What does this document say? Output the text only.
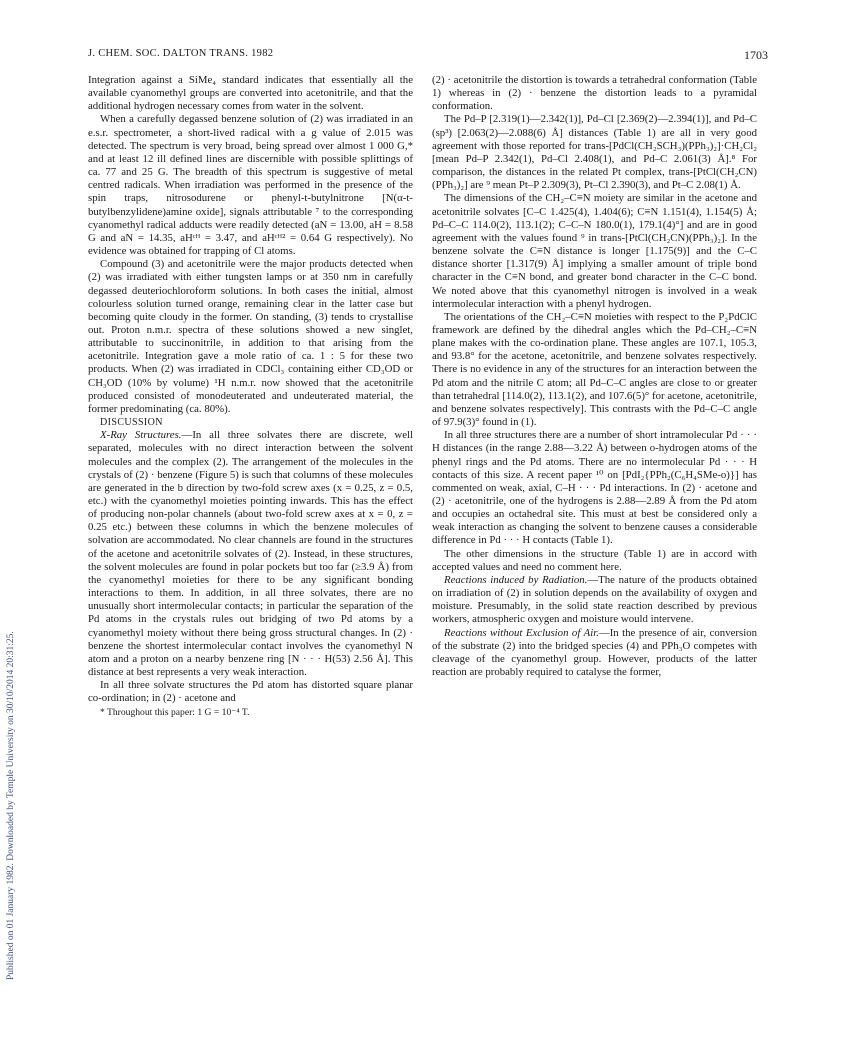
J. CHEM. SOC. DALTON TRANS. 1982	1703
Published on 01 January 1982. Downloaded by Temple University on 30/10/2014 20:31:25.

Integration against a SiMe₄ standard indicates that essentially all the available cyanomethyl groups are converted into acetonitrile, and that the additional hydrogen necessary comes from water in the solvent.

When a carefully degassed benzene solution of (2) was irradiated in an e.s.r. spectrometer, a short-lived radical with a g value of 2.015 was detected. The spectrum is very broad, being spread over almost 1 000 G,* and at least 12 ill defined lines are discernible with possible splittings of ca. 77 and 25 G. The breadth of this spectrum is suggestive of metal centred radicals. When irradiation was performed in the presence of the spin traps, nitrosodurene or phenyl-t-butylnitrone [N(α-t-butylbenzylidene)amine oxide], signals attributable ⁷ to the corresponding cyanomethyl radical adducts were readily detected (aN = 13.00, aH = 8.58 G and aN = 14.35, aHᶜᴴ = 3.47, and aHᶜᴴ² = 0.64 G respectively). No evidence was obtained for trapping of Cl atoms.

Compound (3) and acetonitrile were the major products detected when (2) was irradiated with either tungsten lamps or at 350 nm in carefully degassed deuteriochloroform solutions. In both cases the initial, almost colourless solution turned orange, remaining clear in the latter case but becoming quite cloudy in the former. On standing, (3) tends to crystallise out. Proton n.m.r. spectra of these solutions showed a new singlet, attributable to succinonitrile, in addition to that arising from the acetonitrile. Integration gave a mole ratio of ca. 1 : 5 for these two products. When (2) was irradiated in CDCl₃ containing either CD₃OD or CH₃OD (10% by volume) ¹H n.m.r. now showed that the acetonitrile produced consisted of monodeuterated and undeuterated material, the former predominating (ca. 80%).

DISCUSSION

X-Ray Structures.—In all three solvates there are discrete, well separated, molecules with no direct interaction between the solvent molecules and the complex (2). The arrangement of the molecules in the crystals of (2) · benzene (Figure 5) is such that columns of these molecules are generated in the b direction by two-fold screw axes (x = 0.25, z = 0.5, etc.) with the cyanomethyl moieties pointing inwards. This has the effect of producing non-polar channels (about two-fold screw axes at x = 0, z = 0.25 etc.) between these columns in which the benzene molecules of solvation are accommodated. No clear channels are found in the structures of the acetone and acetonitrile solvates of (2). Instead, in these structures, the solvent molecules are found in polar pockets but too far (≥3.9 Å) from the cyanomethyl moieties for there to be any significant bonding interactions to them. In addition, in all three solvates, there are no unusually short intermolecular contacts; in particular the separation of the Pd atoms in the crystals rules out bridging of two Pd atoms by a cyanomethyl moiety without there being gross structural changes. In (2) · benzene the shortest intermolecular contact involves the cyanomethyl N atom and a proton on a nearby benzene ring [N · · · H(53) 2.56 Å]. This distance at best represents a very weak interaction.

In all three solvate structures the Pd atom has distorted square planar co-ordination; in (2) · acetone and

* Throughout this paper: 1 G = 10⁻⁴ T.

(2) · acetonitrile the distortion is towards a tetrahedral conformation (Table 1) whereas in (2) · benzene the distortion leads to a pyramidal conformation.

The Pd–P [2.319(1)—2.342(1)], Pd–Cl [2.369(2)—2.394(1)], and Pd–C (sp³) [2.063(2)—2.088(6) Å] distances (Table 1) are all in very good agreement with those reported for trans-[PdCl(CH₂SCH₃)(PPh₃)₂]·CH₂Cl₂ [mean Pd–P 2.342(1), Pd–Cl 2.408(1), and Pd–C 2.061(3) Å].⁸ For comparison, the distances in the related Pt complex, trans-[PtCl(CH₂CN)(PPh₃)₂] are ⁹ mean Pt–P 2.309(3), Pt–Cl 2.390(3), and Pt–C 2.08(1) Å.

The dimensions of the CH₂–C≡N moiety are similar in the acetone and acetonitrile solvates [C–C 1.425(4), 1.404(6); C≡N 1.151(4), 1.154(5) Å; Pd–C–C 114.0(2), 113.1(2); C–C–N 180.0(1), 179.1(4)°] and are in good agreement with the values found ⁹ in trans-[PtCl(CH₂CN)(PPh₃)₂]. In the benzene solvate the C≡N distance is longer [1.175(9)] and the C–C distance shorter [1.317(9) Å] implying a smaller amount of triple bond character in the C≡N bond, and greater bond character in the C–C bond. We noted above that this cyanomethyl nitrogen is involved in a weak intermolecular interaction with a phenyl hydrogen.

The orientations of the CH₂–C≡N moieties with respect to the P₂PdClC framework are defined by the dihedral angles which the Pd–CH₂–C≡N plane makes with the co-ordination plane. These angles are 107.1, 105.3, and 93.8° for the acetone, acetonitrile, and benzene solvates respectively. There is no evidence in any of the structures for an interaction between the Pd atom and the nitrile C atom; all Pd–C–C angles are close to or greater than tetrahedral [114.0(2), 113.1(2), and 107.6(5)° for acetone, acetonitrile, and benzene solvates respectively]. This contrasts with the Pd–C–C angle of 97.9(3)° found in (1).

In all three structures there are a number of short intramolecular Pd · · · H distances (in the range 2.88—3.22 Å) between o-hydrogen atoms of the phenyl rings and the Pd atoms. There are no intermolecular Pd · · · H contacts of this size. A recent paper ¹⁰ on [PdI₂{PPh₂(C₆H₄SMe-o)}] has commented on weak, axial, C–H · · · Pd interactions. In (2) · acetone and (2) · acetonitrile, one of the hydrogens is 2.88—2.89 Å from the Pd atom and occupies an octahedral site. This must at best be considered only a weak interaction as changing the solvent to benzene causes a considerable difference in Pd · · · H contacts (Table 1).

The other dimensions in the structure (Table 1) are in accord with accepted values and need no comment here.

Reactions induced by Radiation.—The nature of the products obtained on irradiation of (2) in solution depends on the availability of oxygen and moisture. Presumably, in the solid state reaction described by previous workers, atmospheric oxygen and moisture would intervene.

Reactions without Exclusion of Air.—In the presence of air, conversion of the substrate (2) into the bridged species (4) and PPh₃O competes with cleavage of the cyanomethyl group. However, products of the latter reaction are probably required to catalyse the former,
